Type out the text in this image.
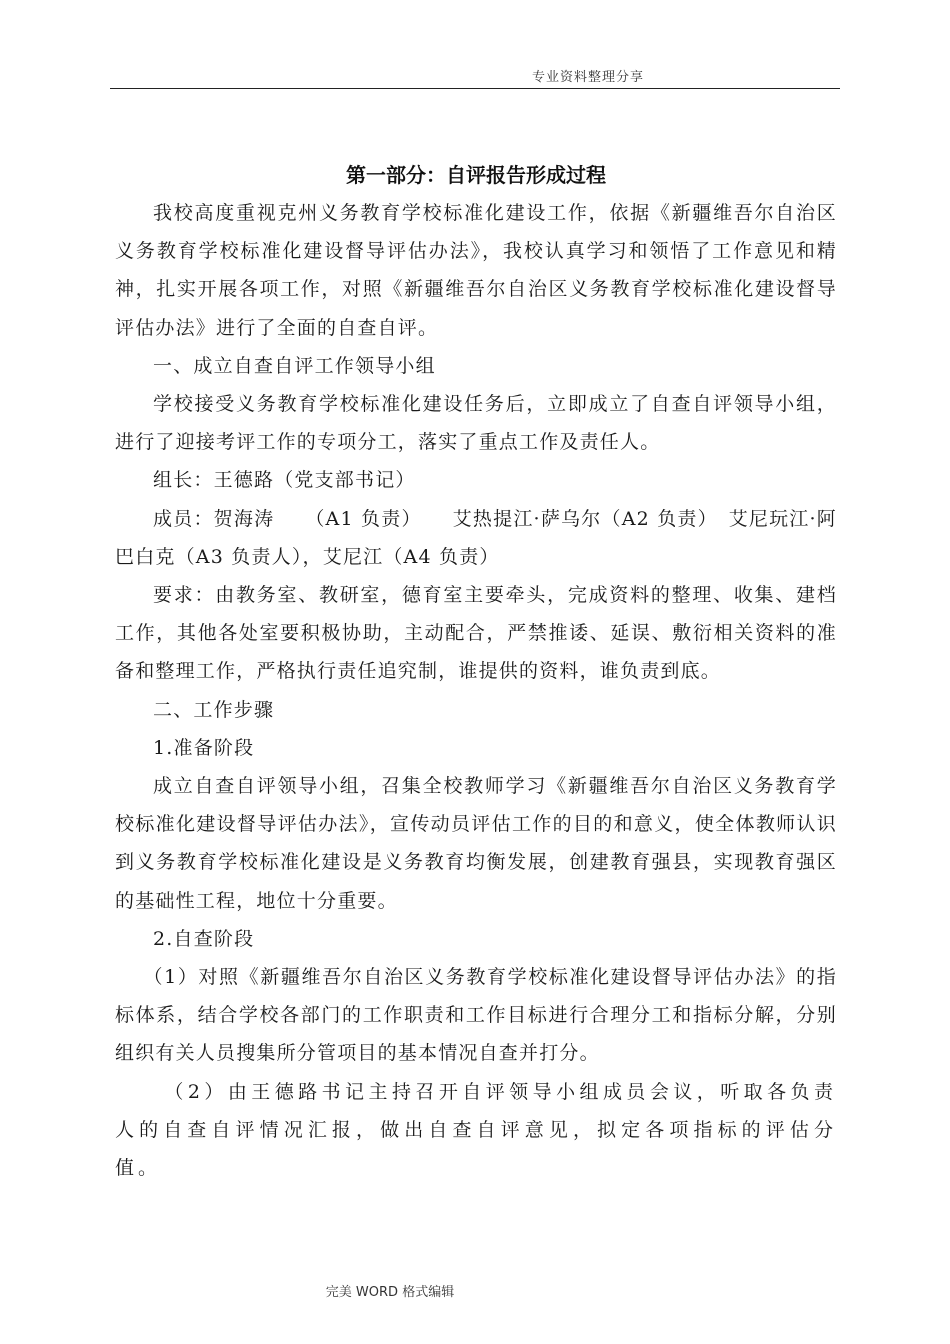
专业资料整理分享
第一部分：自评报告形成过程

我校高度重视克州义务教育学校标准化建设工作，依据《新疆维吾尔自治区义务教育学校标准化建设督导评估办法》，我校认真学习和领悟了工作意见和精神，扎实开展各项工作，对照《新疆维吾尔自治区义务教育学校标准化建设督导评估办法》进行了全面的自查自评。

一、成立自查自评工作领导小组

学校接受义务教育学校标准化建设任务后，立即成立了自查自评领导小组，进行了迎接考评工作的专项分工，落实了重点工作及责任人。

组长：王德路（党支部书记）

成员：贺海涛　　（A1 负责）　　艾热提江·萨乌尔（A2 负责）　艾尼玩江·阿巴白克（A3 负责人），艾尼江（A4 负责）

要求：由教务室、教研室，德育室主要牵头，完成资料的整理、收集、建档工作，其他各处室要积极协助，主动配合，严禁推诿、延误、敷衍相关资料的准备和整理工作，严格执行责任追究制，谁提供的资料，谁负责到底。

二、工作步骤

1.准备阶段

成立自查自评领导小组，召集全校教师学习《新疆维吾尔自治区义务教育学校标准化建设督导评估办法》，宣传动员评估工作的目的和意义，使全体教师认识到义务教育学校标准化建设是义务教育均衡发展，创建教育强县，实现教育强区的基础性工程，地位十分重要。

2.自查阶段

（1）对照《新疆维吾尔自治区义务教育学校标准化建设督导评估办法》的指标体系，结合学校各部门的工作职责和工作目标进行合理分工和指标分解，分别组织有关人员搜集所分管项目的基本情况自查并打分。

（2）由王德路书记主持召开自评领导小组成员会议，听取各负责人的自查自评情况汇报，做出自查自评意见，拟定各项指标的评估分值。

完美 WORD 格式编辑
